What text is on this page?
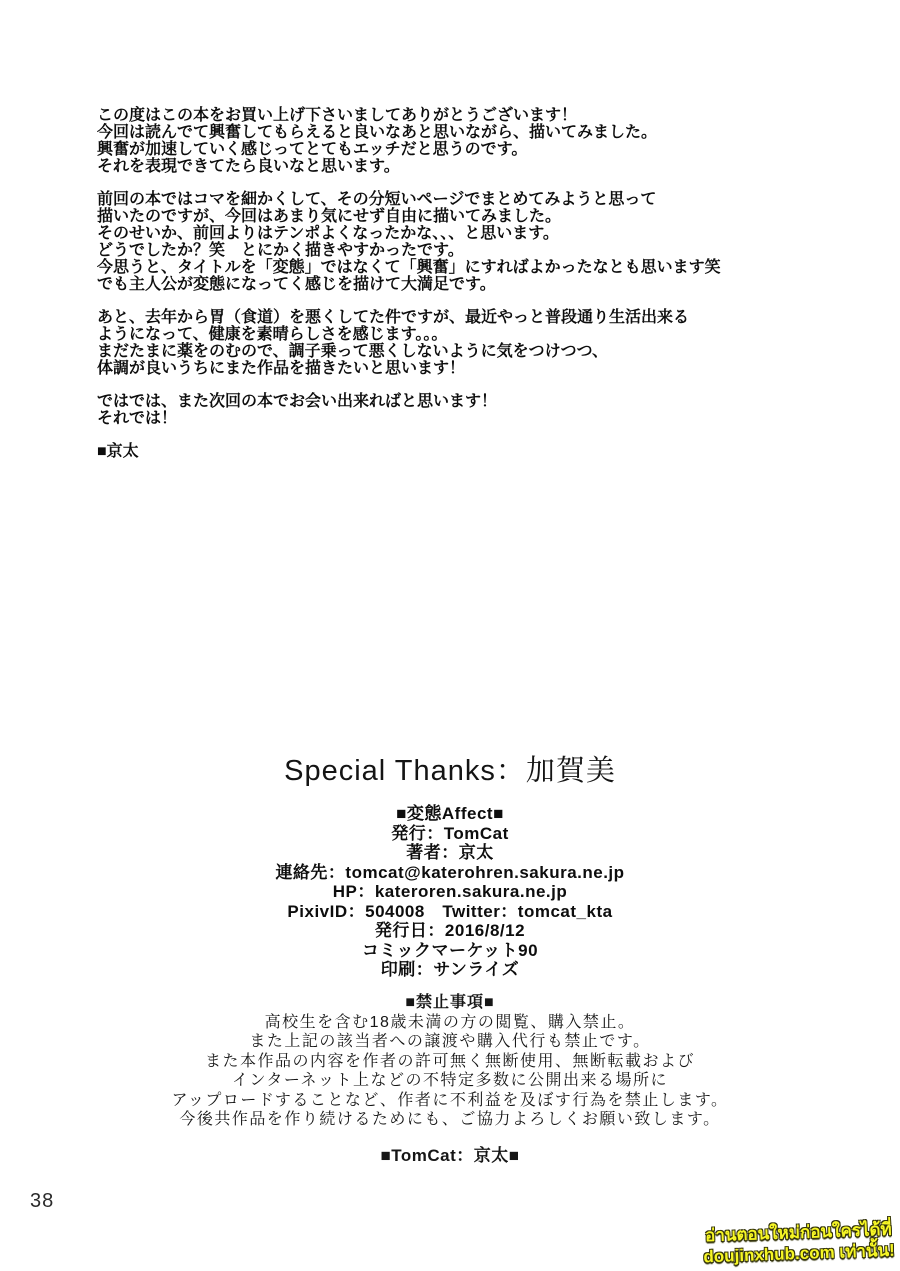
この度はこの本をお買い上げ下さいましてありがとうございます！
今回は読んでて興奮してもらえると良いなあと思いながら、描いてみました。
興奮が加速していく感じってとてもエッチだと思うのです。
それを表現できてたら良いなと思います。
前回の本ではコマを細かくして、その分短いページでまとめてみようと思って
描いたのですが、今回はあまり気にせず自由に描いてみました。
そのせいか、前回よりはテンポよくなったかな、、、と思います。
どうでしたか？笑　とにかく描きやすかったです。
今思うと、タイトルを「変態」ではなくて「興奮」にすればよかったなとも思います笑
でも主人公が変態になってく感じを描けて大満足です。
あと、去年から胃（食道）を悪くしてた件ですが、最近やっと普段通り生活出来る
ようになって、健康を素晴らしさを感じます。。。
まだたまに薬をのむので、調子乗って悪くしないように気をつけつつ、
体調が良いうちにまた作品を描きたいと思います！
ではでは、また次回の本でお会い出来ればと思います！
それでは！
■京太
Special Thanks：加賀美
■変態Affect■
発行：TomCat
著者：京太
連絡先：tomcat@katerohren.sakura.ne.jp
HP：kateroren.sakura.ne.jp
PixivID：504008　Twitter：tomcat_kta
発行日：2016/8/12
コミックマーケット90
印刷：サンライズ
■禁止事項■
高校生を含む18歳未満の方の閲覧、購入禁止。
また上記の該当者への譲渡や購入代行も禁止です。
また本作品の内容を作者の許可無く無断使用、無断転載および
インターネット上などの不特定多数に公開出来る場所に
アップロードすることなど、作者に不利益を及ぼす行為を禁止します。
今後共作品を作り続けるためにも、ご協力よろしくお願い致します。
■TomCat：京太■
38
อ่านตอนใหม่ก่อนใครได้ที่
doujinxhub.com เท่านั้น!
